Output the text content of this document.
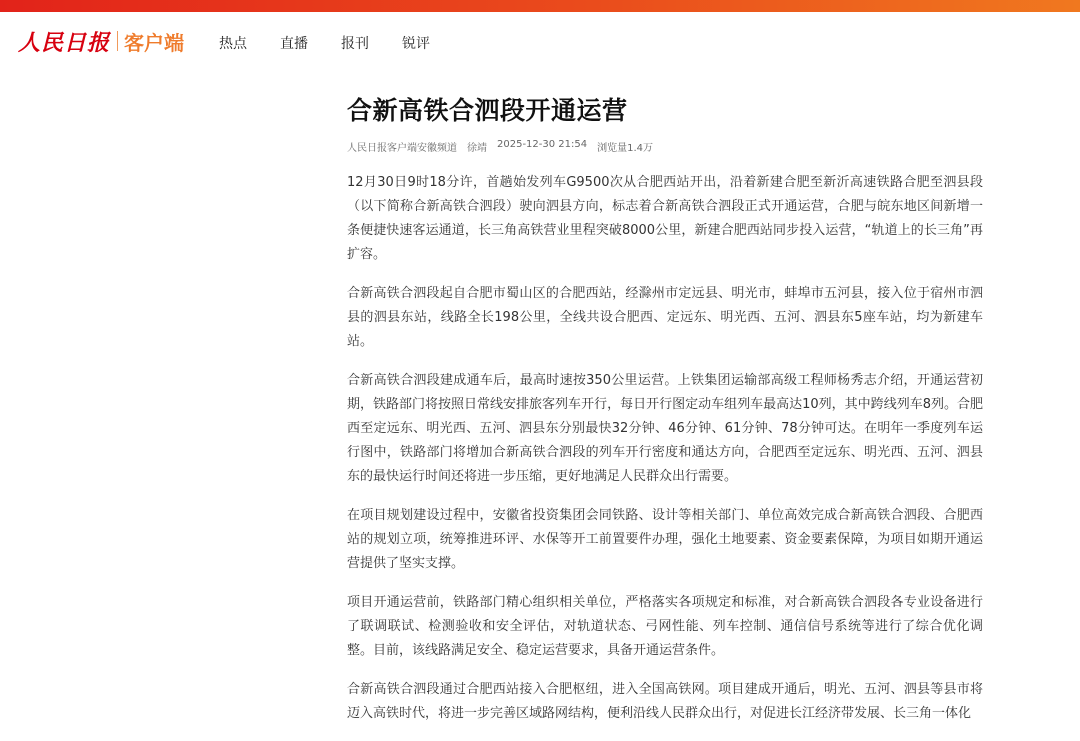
人民日报 客户端 热点 直播 报刊 锐评
合新高铁合泗段开通运营
人民日报客户端安徽频道 徐靖 2025-12-30 21:54 浏览量1.4万

12月30日9时18分许，首趟始发列车G9500次从合肥西站开出，沿着新建合肥至新沂高速铁路合肥至泗县段（以下简称合新高铁合泗段）驶向泗县方向，标志着合新高铁合泗段正式开通运营，合肥与皖东地区间新增一条便捷快速客运通道，长三角高铁营业里程突破8000公里，新建合肥西站同步投入运营，“轨道上的长三角”再扩容。

合新高铁合泗段起自合肥市蜀山区的合肥西站，经滁州市定远县、明光市，蚌埠市五河县，接入位于宿州市泗县的泗县东站，线路全长198公里，全线共设合肥西、定远东、明光西、五河、泗县东5座车站，均为新建车站。

合新高铁合泗段建成通车后，最高时速按350公里运营。上铁集团运输部高级工程师杨秀志介绍，开通运营初期，铁路部门将按照日常线安排旅客列车开行，每日开行图定动车组列车最高达10列，其中跨线列车8列。合肥西至定远东、明光西、五河、泗县东分别最快32分钟、46分钟、61分钟、78分钟可达。在明年一季度列车运行图中，铁路部门将增加合新高铁合泗段的列车开行密度和通达方向，合肥西至定远东、明光西、五河、泗县东的最快运行时间还将进一步压缩，更好地满足人民群众出行需要。

在项目规划建设过程中，安徽省投资集团会同铁路、设计等相关部门、单位高效完成合新高铁合泗段、合肥西站的规划立项，统筹推进环评、水保等开工前置要件办理，强化土地要素、资金要素保障，为项目如期开通运营提供了坚实支撑。

项目开通运营前，铁路部门精心组织相关单位，严格落实各项规定和标准，对合新高铁合泗段各专业设备进行了联调联试、检测验收和安全评估，对轨道状态、弓网性能、列车控制、通信信号系统等进行了综合优化调整。目前，该线路满足安全、稳定运营要求，具备开通运营条件。

合新高铁合泗段通过合肥西站接入合肥枢纽，进入全国高铁网。项目建成开通后，明光、五河、泗县等县市将迈入高铁时代，将进一步完善区域路网结构，便利沿线人民群众出行，对促进长江经济带发展、长三角一体化
